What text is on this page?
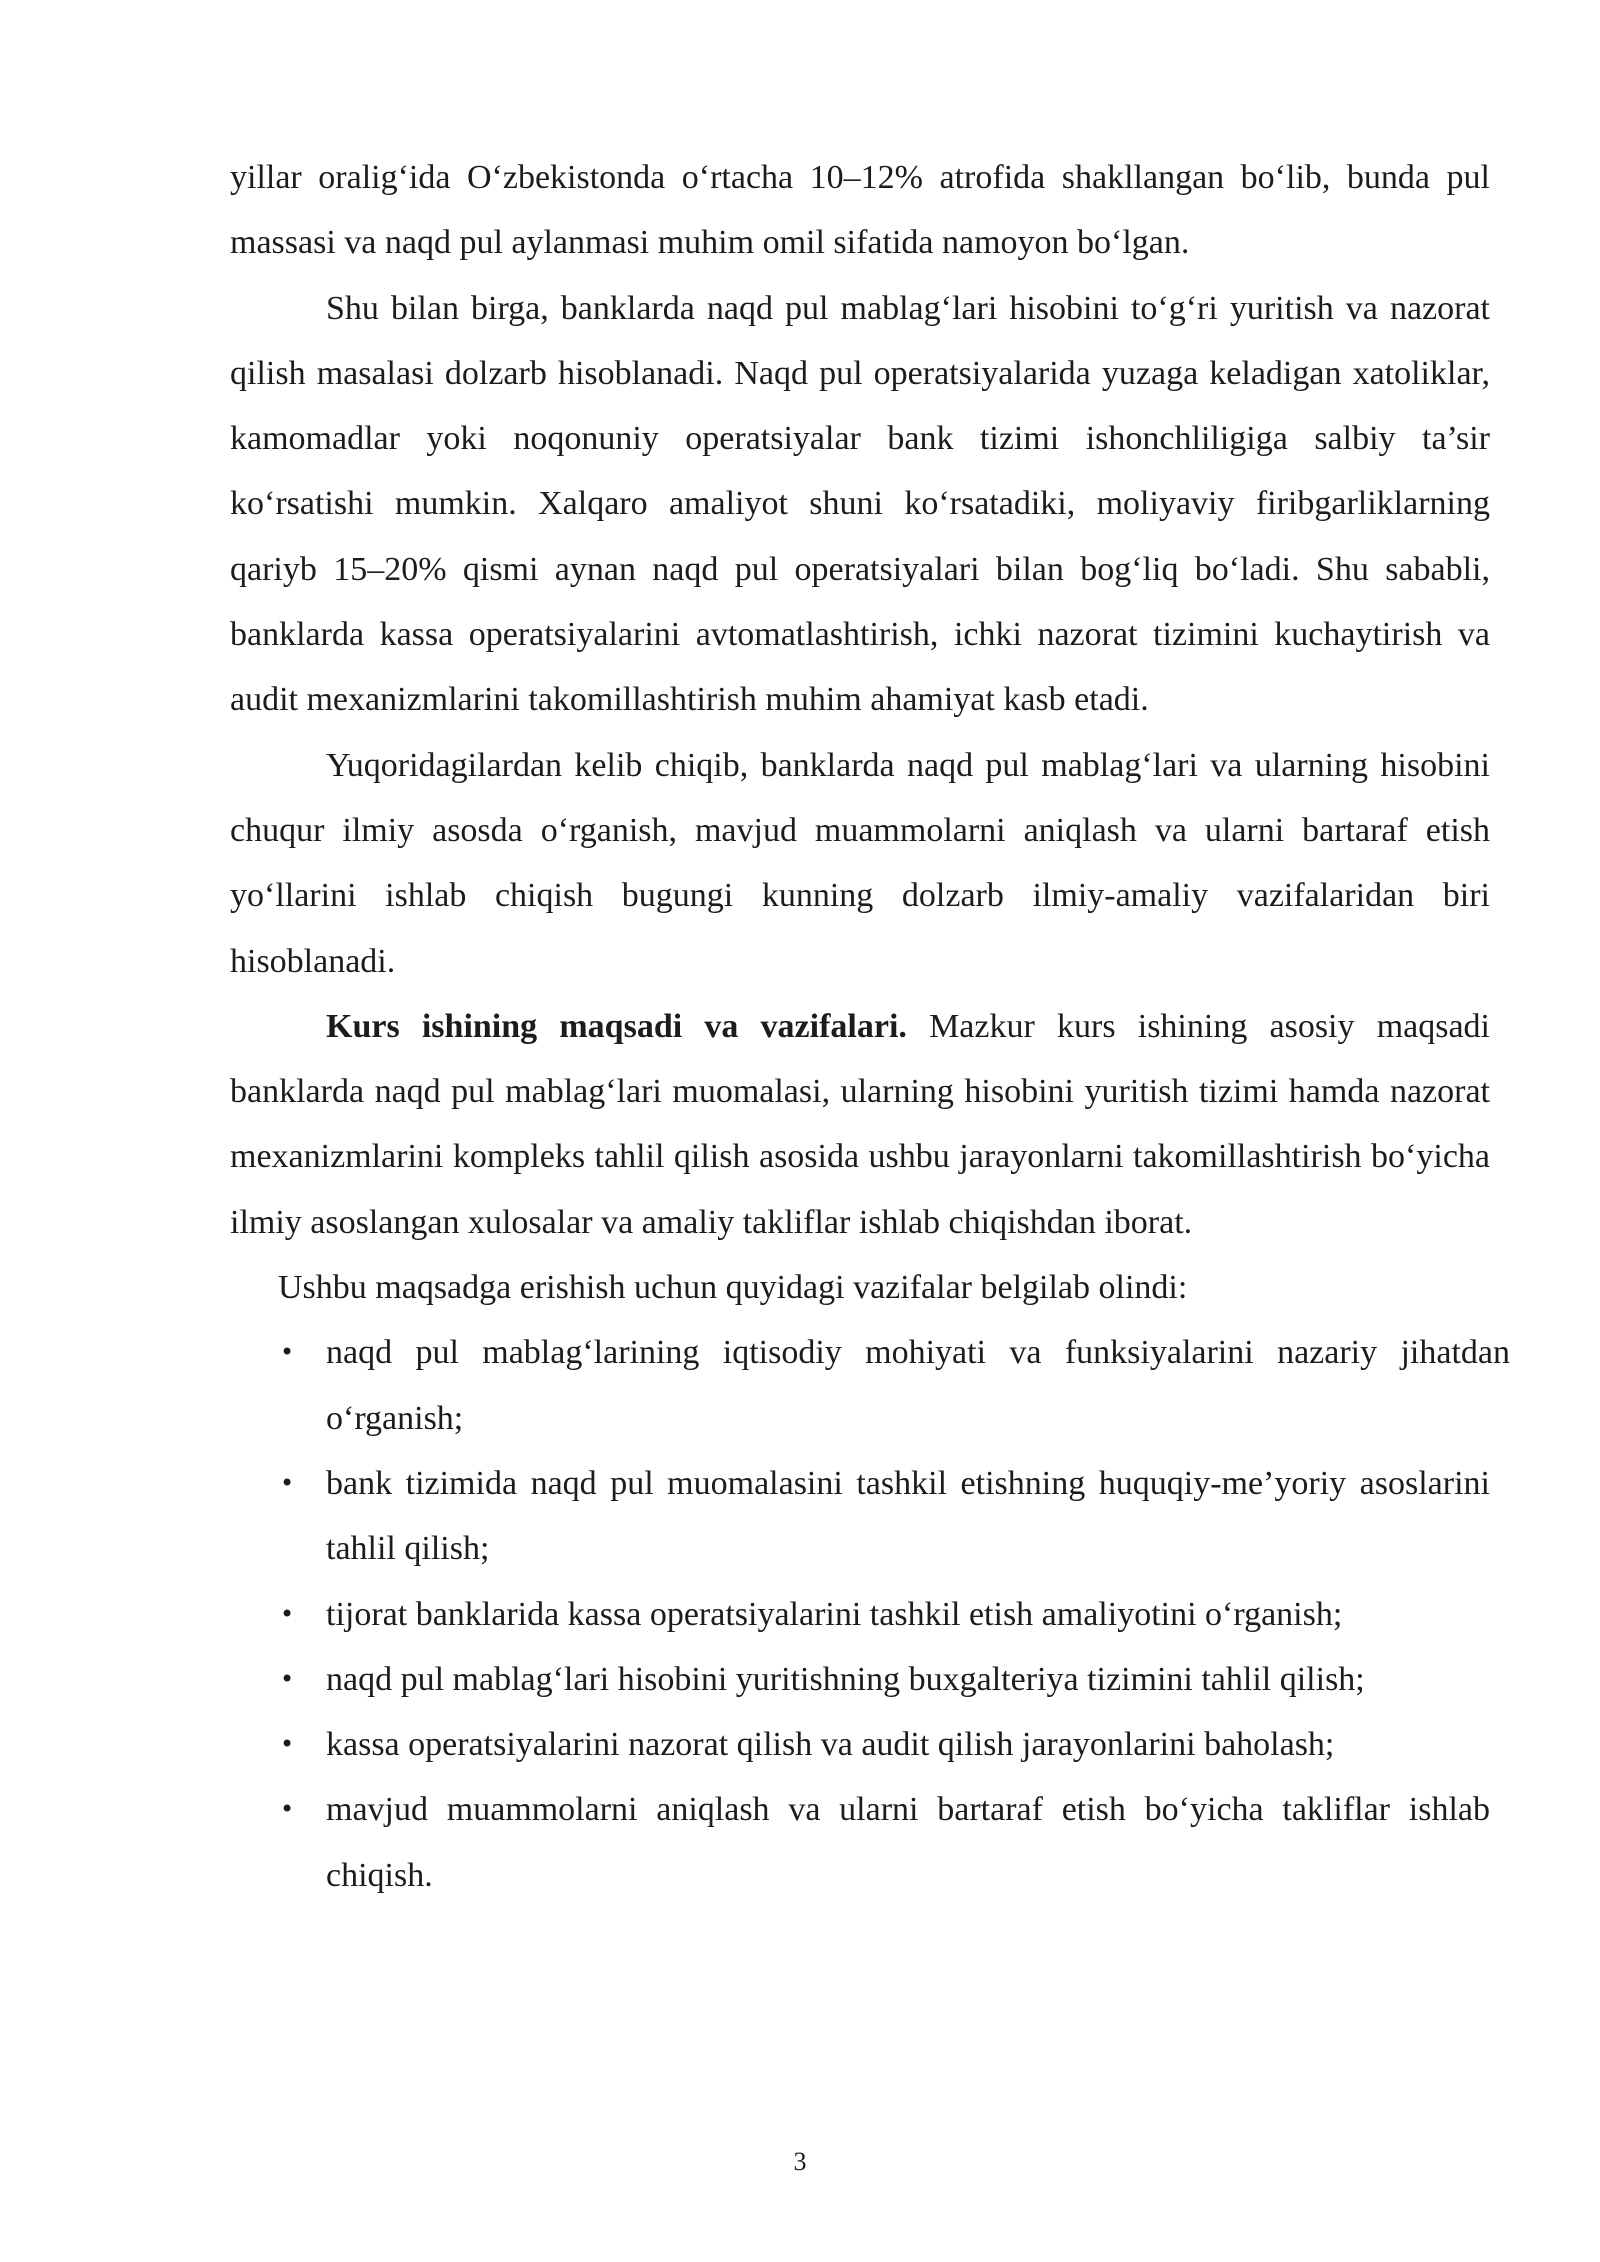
yillar oralig‘ida O‘zbekistonda o‘rtacha 10–12% atrofida shakllangan bo‘lib, bunda pul massasi va naqd pul aylanmasi muhim omil sifatida namoyon bo‘lgan.

Shu bilan birga, banklarda naqd pul mablag‘lari hisobini to‘g‘ri yuritish va nazorat qilish masalasi dolzarb hisoblanadi. Naqd pul operatsiyalarida yuzaga keladigan xatoliklar, kamomadlar yoki noqonuniy operatsiyalar bank tizimi ishonchliligiga salbiy ta’sir ko‘rsatishi mumkin. Xalqaro amaliyot shuni ko‘rsatadiki, moliyaviy firibgarliklarning qariyb 15–20% qismi aynan naqd pul operatsiyalari bilan bog‘liq bo‘ladi. Shu sababli, banklarda kassa operatsiyalarini avtomatlashtirish, ichki nazorat tizimini kuchaytirish va audit mexanizmlarini takomillashtirish muhim ahamiyat kasb etadi.

Yuqoridagilardan kelib chiqib, banklarda naqd pul mablag‘lari va ularning hisobini chuqur ilmiy asosda o‘rganish, mavjud muammolarni aniqlash va ularni bartaraf etish yo‘llarini ishlab chiqish bugungi kunning dolzarb ilmiy-amaliy vazifalaridan biri hisoblanadi.

Kurs ishining maqsadi va vazifalari. Mazkur kurs ishining asosiy maqsadi banklarda naqd pul mablag‘lari muomalasi, ularning hisobini yuritish tizimi hamda nazorat mexanizmlarini kompleks tahlil qilish asosida ushbu jarayonlarni takomillashtirish bo‘yicha ilmiy asoslangan xulosalar va amaliy takliflar ishlab chiqishdan iborat.

Ushbu maqsadga erishish uchun quyidagi vazifalar belgilab olindi:

• naqd pul mablag‘larining iqtisodiy mohiyati va funksiyalarini nazariy jihatdan o‘rganish;
• bank tizimida naqd pul muomalasini tashkil etishning huquqiy-me’yoriy asoslarini tahlil qilish;
• tijorat banklarida kassa operatsiyalarini tashkil etish amaliyotini o‘rganish;
• naqd pul mablag‘lari hisobini yuritishning buxgalteriya tizimini tahlil qilish;
• kassa operatsiyalarini nazorat qilish va audit qilish jarayonlarini baholash;
• mavjud muammolarni aniqlash va ularni bartaraf etish bo‘yicha takliflar ishlab chiqish.
3
